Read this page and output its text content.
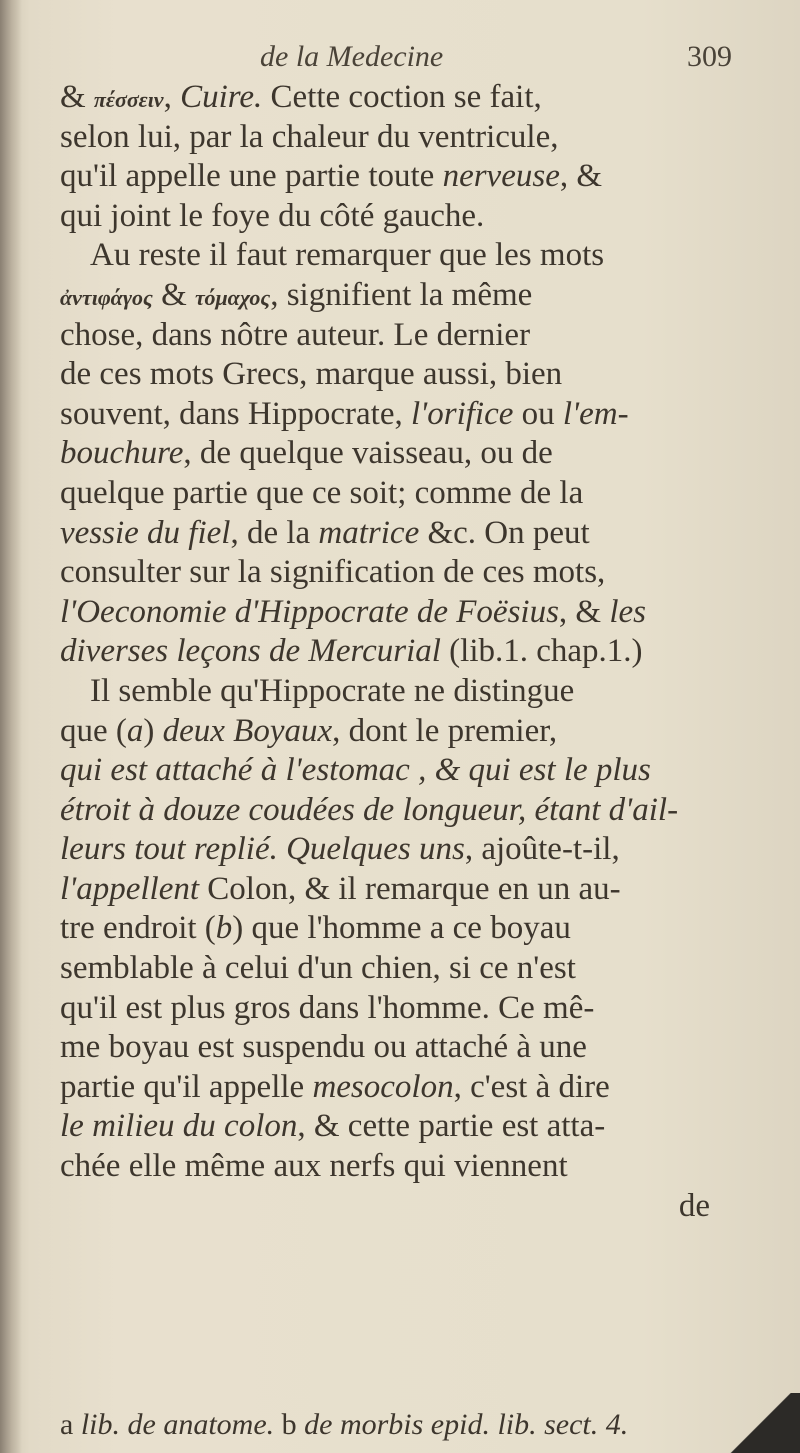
de la Medecine	309
& πέσσειν, Cuire. Cette coction se fait,
selon lui, par la chaleur du ventricule,
qu'il appelle une partie toute nerveuse, &
qui joint le foye du côté gauche.
Au reste il faut remarquer que les mots
ἀντιφάγος & τόμαχος, signifient la même
chose, dans nôtre auteur. Le dernier
de ces mots Grecs, marque aussi, bien
souvent, dans Hippocrate, l'orifice ou l'em-
bouchure, de quelque vaisseau, ou de
quelque partie que ce soit; comme de la
vessie du fiel, de la matrice &c. On peut
consulter sur la signification de ces mots,
l'Oeconomie d'Hippocrate de Foësius, & les
diverses leçons de Mercurial (lib.1. chap.1.)
Il semble qu'Hippocrate ne distingue
que (a) deux Boyaux, dont le premier,
qui est attaché à l'estomac , & qui est le plus
étroit à douze coudées de longueur, étant d'ail-
leurs tout replié. Quelques uns, ajoûte-t-il,
l'appellent Colon, & il remarque en un au-
tre endroit (b) que l'homme a ce boyau
semblable à celui d'un chien, si ce n'est
qu'il est plus gros dans l'homme. Ce mê-
me boyau est suspendu ou attaché à une
partie qu'il appelle mesocolon, c'est à dire
le milieu du colon, & cette partie est atta-
chée elle même aux nerfs qui viennent
de
a lib. de anatome. b de morbis epid. lib. sect. 4.
